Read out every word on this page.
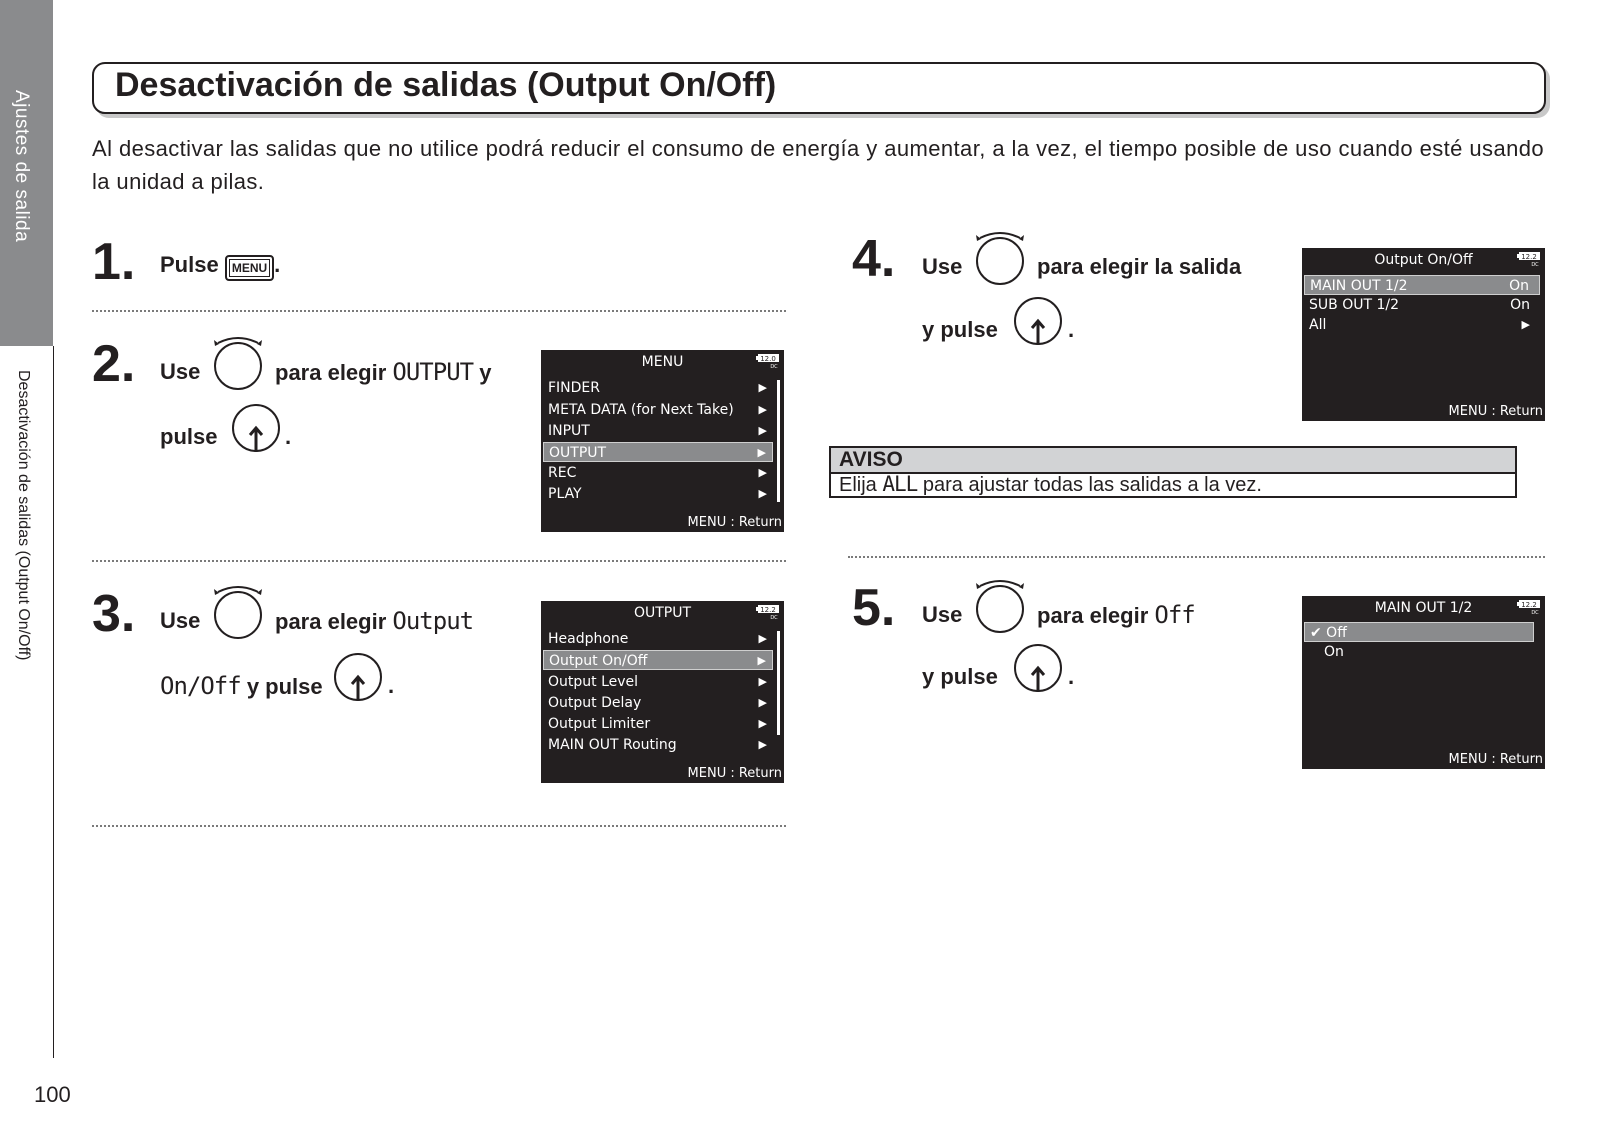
Ajustes de salida
Desactivación de salidas (Output On/Off)
100
Desactivación de salidas (Output On/Off)
Al desactivar las salidas que no utilice podrá reducir el consumo de energía y aumentar, a la vez, el tiempo posible de uso cuando esté usando la unidad a pilas.
1. Pulse MENU .
2. Use	para elegir OUTPUT y
pulse	.
MENU	12.0
DC
FINDER	▶
META DATA (for Next Take) ▶
INPUT	▶
OUTPUT	▶
REC	▶
PLAY	▶
MENU : Return
3. Use	para elegir Output
On/Off y pulse	.
OUTPUT	12.2
DC
Headphone	▶
Output On/Off	▶
Output Level	▶
Output Delay	▶
Output Limiter	▶
MAIN OUT Routing	▶
MENU : Return
4. Use	para elegir la salida
y pulse	.
Output On/Off	12.2
DC
MAIN OUT 1/2	On
SUB OUT 1/2	On
All	▶
MENU : Return
AVISO
Elija ALL para ajustar todas las salidas a la vez.
5. Use	para elegir Off
y pulse	.
MAIN OUT 1/2	12.2
DC
✔ Off
On
MENU : Return
